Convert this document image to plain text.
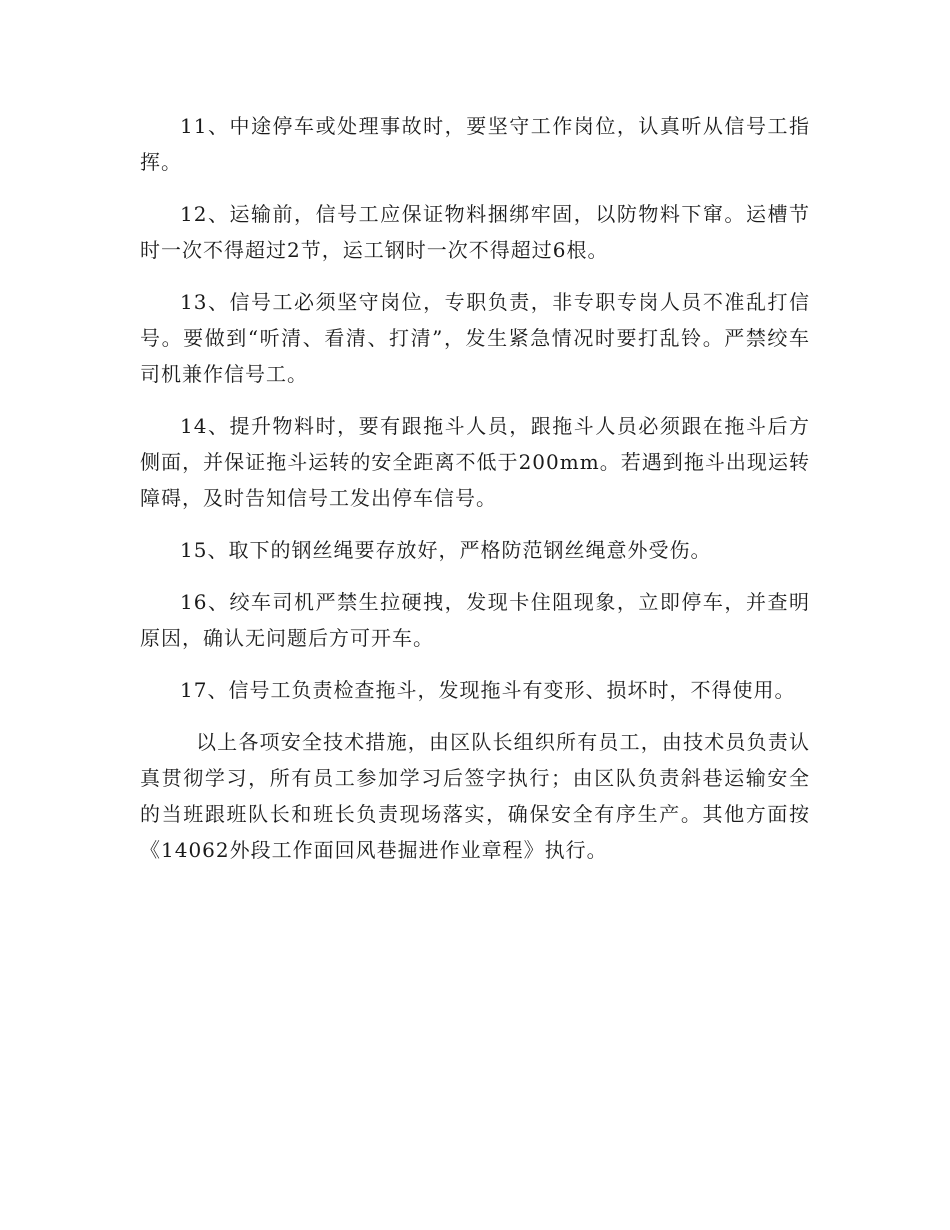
11、中途停车或处理事故时，要坚守工作岗位，认真听从信号工指挥。

12、运输前，信号工应保证物料捆绑牢固，以防物料下窜。运槽节时一次不得超过2节，运工钢时一次不得超过6根。

13、信号工必须坚守岗位，专职负责，非专职专岗人员不准乱打信号。要做到“听清、看清、打清”，发生紧急情况时要打乱铃。严禁绞车司机兼作信号工。

14、提升物料时，要有跟拖斗人员，跟拖斗人员必须跟在拖斗后方侧面，并保证拖斗运转的安全距离不低于200mm。若遇到拖斗出现运转障碍，及时告知信号工发出停车信号。

15、取下的钢丝绳要存放好，严格防范钢丝绳意外受伤。

16、绞车司机严禁生拉硬拽，发现卡住阻现象，立即停车，并查明原因，确认无问题后方可开车。

17、信号工负责检查拖斗，发现拖斗有变形、损坏时，不得使用。

以上各项安全技术措施，由区队长组织所有员工，由技术员负责认真贯彻学习，所有员工参加学习后签字执行；由区队负责斜巷运输安全的当班跟班队长和班长负责现场落实，确保安全有序生产。其他方面按《14062外段工作面回风巷掘进作业章程》执行。
